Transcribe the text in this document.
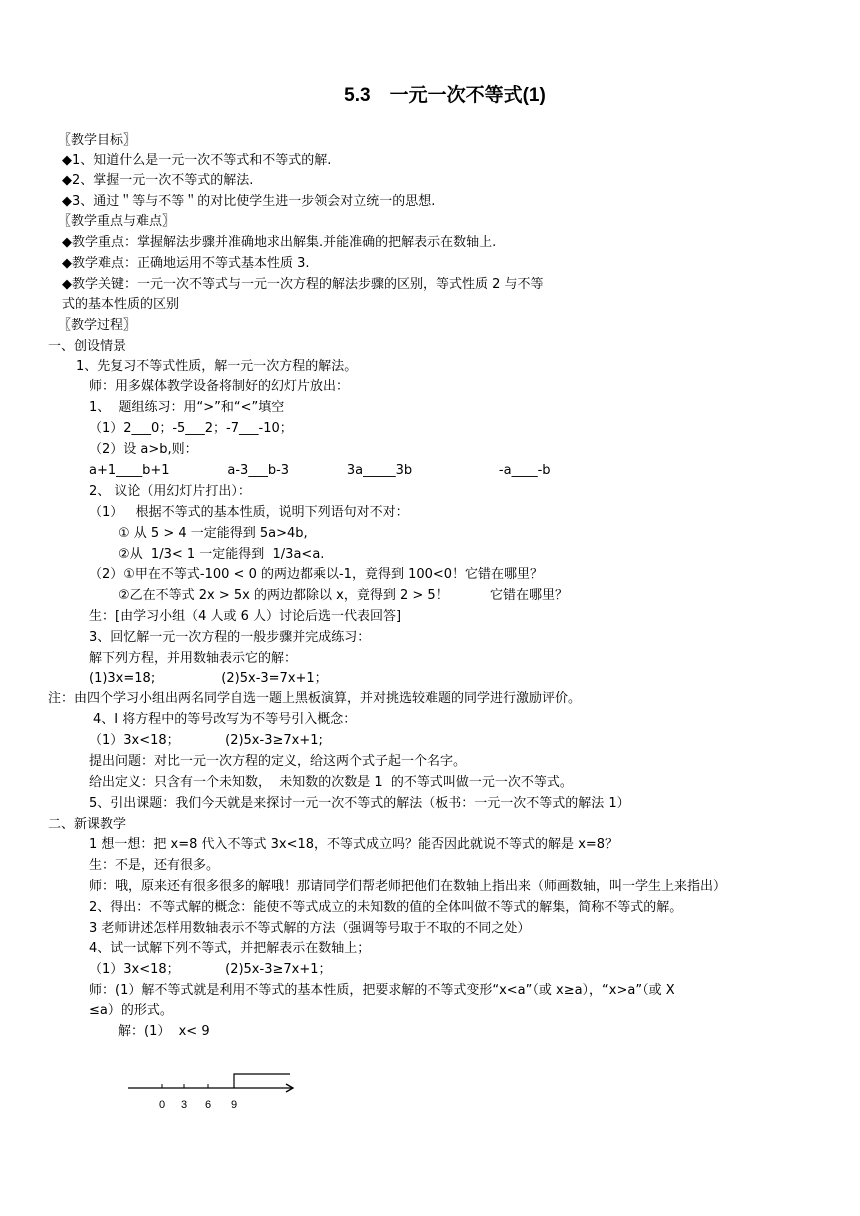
5.3　一元一次不等式(1)
〖教学目标〗
◆1、知道什么是一元一次不等式和不等式的解.
◆2、掌握一元一次不等式的解法.
◆3、通过＂等与不等＂的对比使学生进一步领会对立统一的思想.
〖教学重点与难点〗
◆教学重点：掌握解法步骤并准确地求出解集.并能准确的把解表示在数轴上.
◆教学难点：正确地运用不等式基本性质 3.
◆教学关键：一元一次不等式与一元一次方程的解法步骤的区别，等式性质 2 与不等
式的基本性质的区别
〖教学过程〗
一、创设情景
1、先复习不等式性质，解一元一次方程的解法。
师：用多媒体教学设备将制好的幻灯片放出：
1、  题组练习：用“>”和“<”填空
（1）2___0；-5___2；-7___-10；
（2）设 a>b,则：
a+1____b+1              a-3___b-3              3a_____3b                     -a____-b
2、 议论（用幻灯片打出）：
（1）   根据不等式的基本性质，说明下列语句对不对：
① 从 5 > 4 一定能得到 5a>4b,
②从  1/3< 1 一定能得到  1/3a<a.
（2）①甲在不等式-100 < 0 的两边都乘以-1，竟得到 100<0！它错在哪里？
②乙在不等式 2x > 5x 的两边都除以 x，竟得到 2 > 5！          它错在哪里？
生：[由学习小组（4 人或 6 人）讨论后选一代表回答]
3、回忆解一元一次方程的一般步骤并完成练习：
解下列方程，并用数轴表示它的解：
(1)3x=18;                (2)5x-3=7x+1；
注：由四个学习小组出两名同学自选一题上黑板演算，并对挑选较难题的同学进行激励评价。
4、I 将方程中的等号改写为不等号引入概念：
（1）3x<18；           (2)5x-3≥7x+1;
提出问题：对比一元一次方程的定义，给这两个式子起一个名字。
给出定义：只含有一个未知数，  未知数的次数是 1  的不等式叫做一元一次不等式。
5、引出课题：我们今天就是来探讨一元一次不等式的解法（板书：一元一次不等式的解法 1）
二、新课教学
1 想一想：把 x=8 代入不等式 3x<18，不等式成立吗？能否因此就说不等式的解是 x=8？
生：不是，还有很多。
师：哦，原来还有很多很多的解哦！那请同学们帮老师把他们在数轴上指出来（师画数轴，叫一学生上来指出）
2、得出：不等式解的概念：能使不等式成立的未知数的值的全体叫做不等式的解集，简称不等式的解。
3 老师讲述怎样用数轴表示不等式解的方法（强调等号取于不取的不同之处）
4、试一试解下列不等式，并把解表示在数轴上；
（1）3x<18；           (2)5x-3≥7x+1；
师：(1）解不等式就是利用不等式的基本性质，把要求解的不等式变形“x<a”（或 x≥a），“x>a”（或 X
≤a）的形式。
解：(1）  x< 9
0 3 6 9
